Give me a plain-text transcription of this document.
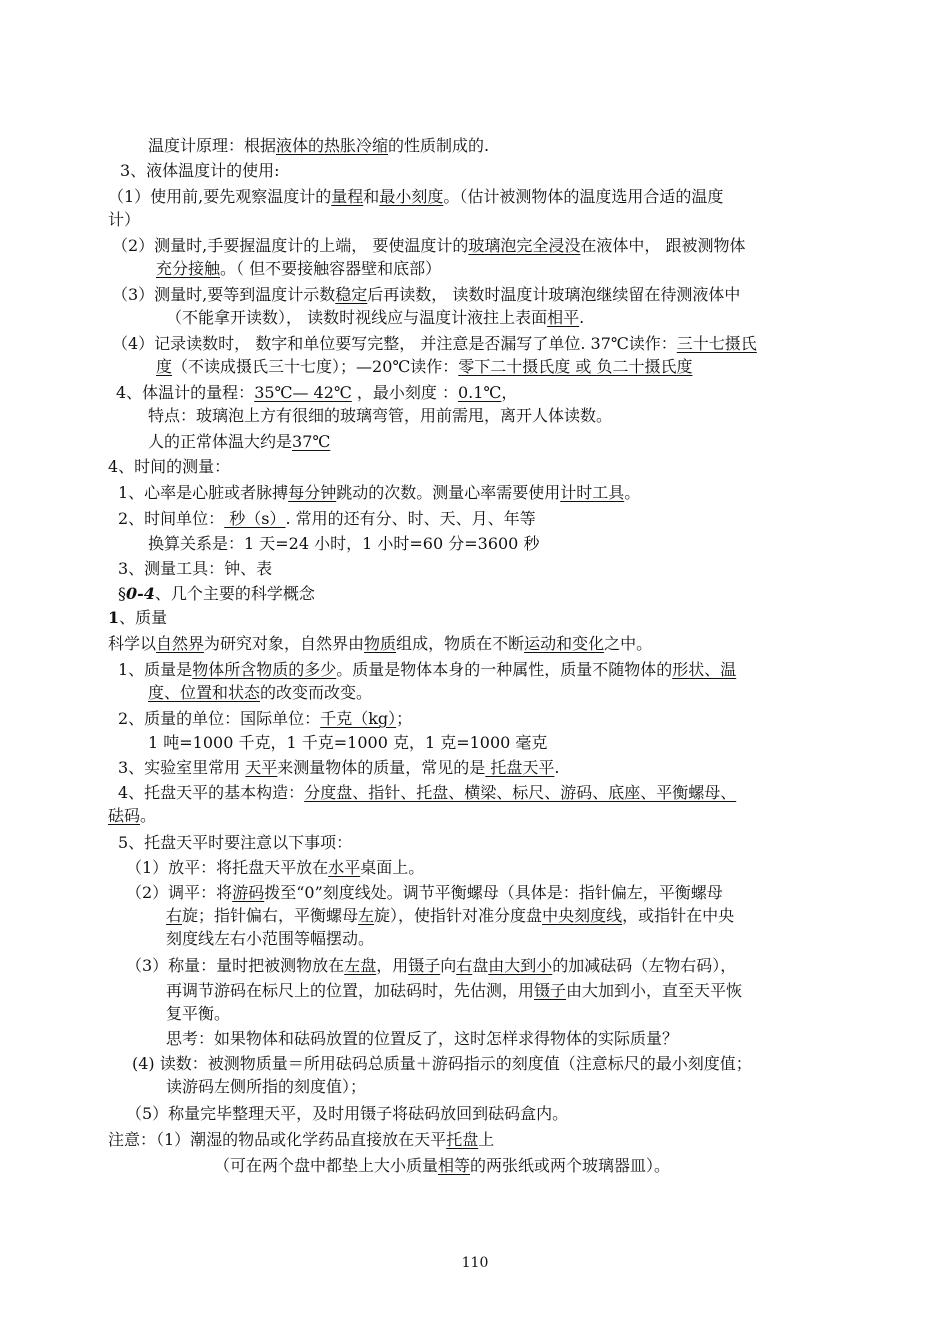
温度计原理：根据液体的热胀冷缩的性质制成的.
3、液体温度计的使用:
（1）使用前,要先观察温度计的量程和最小刻度。（估计被测物体的温度选用合适的温度
计）
（2）测量时,手要握温度计的上端， 要使温度计的玻璃泡完全浸没在液体中， 跟被测物体
充分接触。（ 但不要接触容器壁和底部）
（3）测量时,要等到温度计示数稳定后再读数， 读数时温度计玻璃泡继续留在待测液体中
（不能拿开读数）， 读数时视线应与温度计液拄上表面相平.
（4）记录读数时， 数字和单位要写完整， 并注意是否漏写了单位. 37℃读作：三十七摄氏
度（不读成摄氏三十七度）；—20℃读作：零下二十摄氏度 或 负二十摄氏度
4、体温计的量程：35℃— 42℃ ，最小刻度 ：0.1℃，
特点：玻璃泡上方有很细的玻璃弯管，用前需甩，离开人体读数。
人的正常体温大约是37℃
4、时间的测量：
1、心率是心脏或者脉搏每分钟跳动的次数。测量心率需要使用计时工具。
2、时间单位： 秒（s）. 常用的还有分、时、天、月、年等
换算关系是：1 天=24 小时，1 小时=60 分=3600 秒
3、测量工具：钟、表
§0-4、几个主要的科学概念
1、质量
科学以自然界为研究对象，自然界由物质组成，物质在不断运动和变化之中。
1、质量是物体所含物质的多少。质量是物体本身的一种属性，质量不随物体的形状、温
度、位置和状态的改变而改变。
2、质量的单位：国际单位：千克（kg）；
1 吨=1000 千克，1 千克=1000 克，1 克=1000 毫克
3、实验室里常用 天平来测量物体的质量，常见的是 托盘天平.
4、托盘天平的基本构造：分度盘、指针、托盘、横梁、标尺、游码、底座、平衡螺母、
砝码。
5、托盘天平时要注意以下事项：
（1）放平：将托盘天平放在水平桌面上。
（2）调平：将游码拨至“0”刻度线处。调节平衡螺母（具体是：指针偏左，平衡螺母
右旋；指针偏右，平衡螺母左旋），使指针对准分度盘中央刻度线，或指针在中央
刻度线左右小范围等幅摆动。
（3）称量：量时把被测物放在左盘，用镊子向右盘由大到小的加减砝码（左物右码），
再调节游码在标尺上的位置，加砝码时，先估测，用镊子由大加到小，直至天平恢
复平衡。
思考：如果物体和砝码放置的位置反了，这时怎样求得物体的实际质量？
(4) 读数：被测物质量＝所用砝码总质量＋游码指示的刻度值（注意标尺的最小刻度值；
读游码左侧所指的刻度值）；
（5）称量完毕整理天平，及时用镊子将砝码放回到砝码盒内。
注意：（1）潮湿的物品或化学药品直接放在天平托盘上
（可在两个盘中都垫上大小质量相等的两张纸或两个玻璃器皿）。
110
